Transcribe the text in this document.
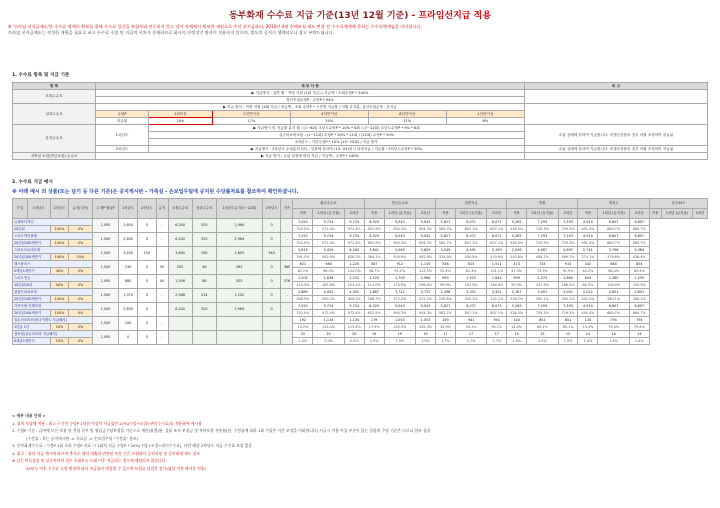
동부화재 수수료 지급 기준(13년 12월 기준) - 프라임선지급 적용
※ '프라임 선지급제도'란 수수료 정책의 확보를 위해 수수료 일신을 보험사와 연동하지 않고 당사 자체에서 확보한 재원으로 우선 선지급하되, 2013년 4월 손해보험 제도 변경 전 수수료체계에 준하는 수수료체계임을 의미합니다.
프라임 선지급제도는 작성한 재원을 필요로 하고 수수료 수입 및 지급의 시차가 존재하므로 회사의 안정적인 방식이 적용되지 않으며, 별도의 공지가 생략되오니 참고 부탁드립니다.
1. 수수료 항목 및 지급 기준
항 목	세 부 사 항						비 고
모집수수료	▶ 지급방식 : 일반 월 · 직영 지원 (1회 지급) / 지급액 : 초회수당P * 240%						
	정산모집수당P : 수당P * 94%						
성과수수료	▶ 지급 방식 : 직영 지원 (18) 지급 / 지급액 : 초회 수당P * 구간별 지급률 / 익월 유지분, 실산모집수당 · 본지급						
	수당P	1회이상	2천만이상	4천만이상	6천만이상	1천만이상	
	지급률	20%	17%	14%	11%	8%	
유지수수료	1차년도	▶ 지급방식 및 지급률 유지 월 : (1~6회) 초년도수당P * 10% * 6회 / (7~12회) 초년도수당P * 9% * 6회					수납 상태에 한하여 지급합니다. 비갱신상품의 경우 차월 조정하여 지급됨
		실손의료비포함 : (1~11회) 수당P * 20% * 11회 / (12회) 수당P * 20%					
		2차년도 : 기본수당P * 10% (13~25회) / 지급 불가					
	2차년도	▶ 지급방식 : 2차년도 수당분의 (단) : 상품에 한하여 (13~24)차시 과정지급 / 지급률 : 2차년도수당P * 20%					수납 상태에 한하여 지급합니다. 비갱신상품의 경우 차월 조정하여 지급됨
저축성 보험(연금포함) 수수료	▶ 지급 방식 : 수납 상품에 따라 지급 / 지급액 : 수당P * 240%						
2. 수수료 지급 예시
※ 아래 예시 외 상품(또는 담기 등 다른 기준)은 공지게시판 - 가족실 - 손보업무팀에 공지된 수당률자료를 참조하여 확인하셨니다.
가입	1차년도	2차년도	유지(지속)	수정P 월납P	1차년도	2차년도	유지	모집수수료	성과수수료	1차년도유지(1~12회)	2차년도	지속	환수수수료			현금수수료			일반지급			반환			재정주			동부AFC		
													적용	1차년 (유지율)	2차년	적용	1차년 (유지율)	2차년	적용	1차년 (유지율)	2차년	적용	1차년 (유지율)	2차년	적용	1차년 (유지율)	2차년	적용	1차년 (유지율)	2차년
뉴행복디자인				1,000	2,600	0	-	6,240	520	2,964	0	-	7,020	9,724	9,724	6,529	9,043	9,043	5,827	8,071	8,071	5,265	7,293	7,293	4,914	6,807	6,807			
20년납		100%	0%										702.0%	972.4%	972.4%	652.9%	904.3%	904.3%	582.7%	807.1%	807.1%	526.5%	729.3%	729.3%	491.4%	680.7%	680.7%			
스마트하이플랜				1,000	2,600	0	-	6,240	520	2,964	0	-	7,020	9,724	9,724	6,529	9,043	9,043	5,827	8,071	8,071	5,265	7,293	7,293	4,914	6,807	6,807			
20년납100세만기		100%	0%										702.0%	972.4%	972.4%	652.9%	904.3%	904.3%	582.7%	807.1%	807.1%	526.5%	729.3%	729.3%	491.4%	680.7%	680.7%			
스마트프로미보장				1,000	3,450	150	-	3,600	290	1,653	340	-	3,815	5,429	6,263	3,641	3,063	5,829	3,249	4,591	5,199	2,936	4,067	4,697	2,741	3,796	4,384			
20년납100세만기		145%	15%										391.5%	542.9%	626.3%	364.1%	504.9%	582.9%	324.9%	450.5%	519.9%	293.6%	406.7%	469.7%	274.1%	379.6%	438.4%			
행스플러스				1,000	230	0	50	552	46	262	0	360	621	980	1,220	587	912	1,135	536	813	1,011	473	733	915	442	684	854			
0세납1세만기		30%	0%										62.1%	98.0%	122.0%	58.7%	91.2%	113.5%	52.4%	81.3%	101.1%	47.3%	73.3%	91.5%	44.2%	68.4%	85.4%			
스마트연금				1,000	880	0	40	1,056	88	502	0	576	1,204	1,838	2,232	1,120	1,709	2,966	999	1,525	1,844	909	1,373	1,660	843	1,280	1,555			
10년납10년		44%	0%										120.4%	183.8%	223.2%	112.0%	170.9%	296.6%	99.9%	152.5%	184.4%	90.9%	137.3%	166.0%	84.3%	128.0%	155.5%			
참좋은의료보장				1,000	1,070	0	-	2,568	214	1,220	0	-	2,889	4,002	4,002	2,687	3,722	3,722	2,398	3,321	3,321	2,167	3,001	3,001	2,022	2,801	2,801			
20년납100세만기		100%	0%										288.9%	400.2%	400.2%	268.7%	372.2%	372.2%	239.8%	332.1%	332.1%	216.7%	300.1%	300.1%	202.2%	280.1%	280.1%			
가족사랑 간병보험				1,000	2,600	0	-	6,240	520	2,964	0	-	7,020	9,724	9,724	6,529	9,043	9,043	5,827	8,071	8,071	5,265	7,293	7,293	4,914	6,807	6,807			
20년납100세만기		100%	0%										702.0%	972.4%	972.4%	652.9%	904.3%	904.3%	582.7%	807.1%	807.1%	526.5%	729.3%	729.3%	491.4%	680.7%	680.7%			
실손의료비보장(다이렉트 지급해지)				1,000	100	0	-						192	1,134	1,134	179	1,053	1,053	159	941	941	144	851	851	134	794	794			
1년납 1년		10%	0%										19.2%	113.4%	113.4%	17.9%	105.3%	105.3%	15.9%	94.1%	94.1%	14.4%	85.1%	85.1%	13.4%	79.4%	79.4%			
참보험(실손의료비 지급해지)				1,000	0	0	-						20	20	20	19	19	19	17	17	17	15	15	15	14	14	14			
0세납1세만기		10%	0%										2.0%	2.0%	2.0%	1.9%	1.9%	1.9%	1.7%	1.7%	1.7%	1.5%	1.5%	1.5%	1.4%	1.4%	1.4%			
< 세부 내용 안내 >
1. 위의 보장해 적용 : 최고 구간인 수당P 1억원 이상의 지급률인 27%(수당+모집+관리수수료)를 적용하여 예시함
2. 수당P 기준 : 급여에 모든 보장 및 적립 일부 및 월납금수당보험을 기준으로 계산(월정)된, 상품 조직 보장금 및 특약보장 적용됨(단, 수정률에 따라 1회 수당은 기존 보장을 이하합니다) 지급시 적용 이상 부분이 있는 상품의 수당 기준은 다르니 참조 상품
(수정률 : 보는 공지게시판 -> 자료실 -> 손보업무팀 "수정률" 참조)
3. 동부화재수수료 : 수정P 1회 초회 수당P 자료 시 1회의 지급 수당P * 20%(수당+모집+관리수수료), 다만 해당 2차년도 지급 수수료 보장 없음
4. 회로 : 위의 지급 예시에 따르며 추가로 제의 개출과 관련된 부분 등은 보험회사 공지사항 및 동부화재 제도 참조
※ 실손 단독상품 및 실손특약의 경우 초회보유 도래 이후 지급되는 경우에 해당되지 않습니다.
24년도 이후 수수료 규정 변경에 따라 지급률이 변경될 수 있으며 보험료 납입은 불가(납입 이전 해지분 적용)
